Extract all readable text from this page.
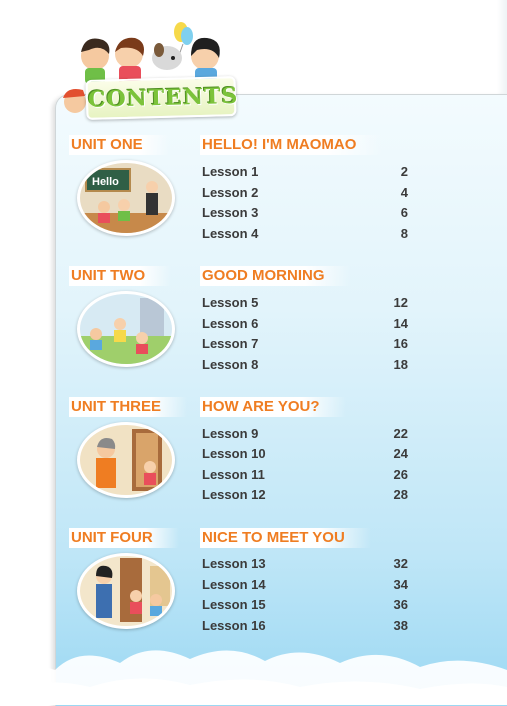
CONTENTS
UNIT ONE	HELLO! I'M MAOMAO
Hello
Lesson 1	2
Lesson 2	4
Lesson 3	6
Lesson 4	8
UNIT TWO	GOOD MORNING
Lesson 5	12
Lesson 6	14
Lesson 7	16
Lesson 8	18
UNIT THREE	HOW ARE YOU?
Lesson 9	22
Lesson 10	24
Lesson 11	26
Lesson 12	28
UNIT FOUR	NICE TO MEET YOU
Lesson 13	32
Lesson 14	34
Lesson 15	36
Lesson 16	38
